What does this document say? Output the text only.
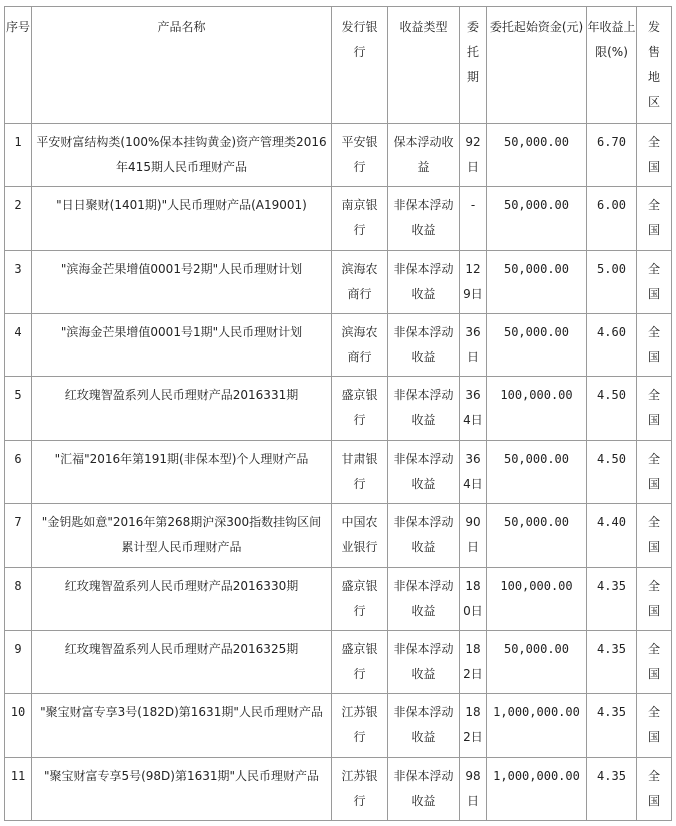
序号	产品名称	发行银行	收益类型	委托期	委托起始资金(元)	年收益上限(%)	发售地区

1	平安财富结构类(100%保本挂钩黄金)资产管理类2016年415期人民币理财产品	平安银行	保本浮动收益	92日	50,000.00	6.70	全国

2	"日日聚财(1401期)"人民币理财产品(A19001)	南京银行	非保本浮动收益	-	50,000.00	6.00	全国

3	"滨海金芒果增值0001号2期"人民币理财计划	滨海农商行	非保本浮动收益	129日	50,000.00	5.00	全国

4	"滨海金芒果增值0001号1期"人民币理财计划	滨海农商行	非保本浮动收益	36日	50,000.00	4.60	全国

5	红玫瑰智盈系列人民币理财产品2016331期	盛京银行	非保本浮动收益	364日	100,000.00	4.50	全国

6	"汇福"2016年第191期(非保本型)个人理财产品	甘肃银行	非保本浮动收益	364日	50,000.00	4.50	全国

7	"金钥匙如意"2016年第268期沪深300指数挂钩区间累计型人民币理财产品	中国农业银行	非保本浮动收益	90日	50,000.00	4.40	全国

8	红玫瑰智盈系列人民币理财产品2016330期	盛京银行	非保本浮动收益	180日	100,000.00	4.35	全国

9	红玫瑰智盈系列人民币理财产品2016325期	盛京银行	非保本浮动收益	182日	50,000.00	4.35	全国

10	"聚宝财富专享3号(182D)第1631期"人民币理财产品	江苏银行	非保本浮动收益	182日	1,000,000.00	4.35	全国

11	"聚宝财富专享5号(98D)第1631期"人民币理财产品	江苏银行	非保本浮动收益	98日	1,000,000.00	4.35	全国
